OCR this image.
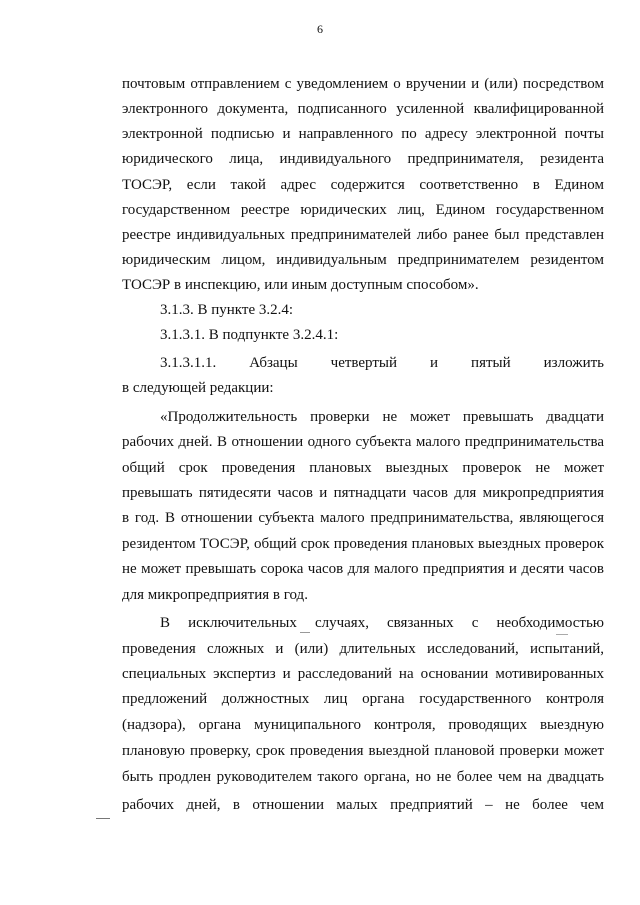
6
почтовым отправлением с уведомлением о вручении и (или) посредством
электронного документа, подписанного усиленной квалифицированной
электронной подписью и направленного по адресу электронной почты
юридического лица, индивидуального предпринимателя, резидента
ТОСЭР, если такой адрес содержится соответственно в Едином
государственном реестре юридических лиц, Едином государственном
реестре индивидуальных предпринимателей либо ранее был представлен
юридическим лицом, индивидуальным предпринимателем резидентом
ТОСЭР в инспекцию, или иным доступным способом».
3.1.3. В пункте 3.2.4:
3.1.3.1. В подпункте 3.2.4.1:
3.1.3.1.1. Абзацы четвертый и пятый изложить
в следующей редакции:
«Продолжительность проверки не может превышать двадцати
рабочих дней. В отношении одного субъекта малого предпринимательства
общий срок проведения плановых выездных проверок не может
превышать пятидесяти часов и пятнадцати часов для микропредприятия
в год. В отношении субъекта малого предпринимательства, являющегося
резидентом ТОСЭР, общий срок проведения плановых выездных проверок
не может превышать сорока часов для малого предприятия и десяти часов
для микропредприятия в год.
В исключительных случаях, связанных с необходимостью
проведения сложных и (или) длительных исследований, испытаний,
специальных экспертиз и расследований на основании мотивированных
предложений должностных лиц органа государственного контроля
(надзора), органа муниципального контроля, проводящих выездную
плановую проверку, срок проведения выездной плановой проверки может
быть продлен руководителем такого органа, но не более чем на двадцать
рабочих дней, в отношении малых предприятий – не более чем
